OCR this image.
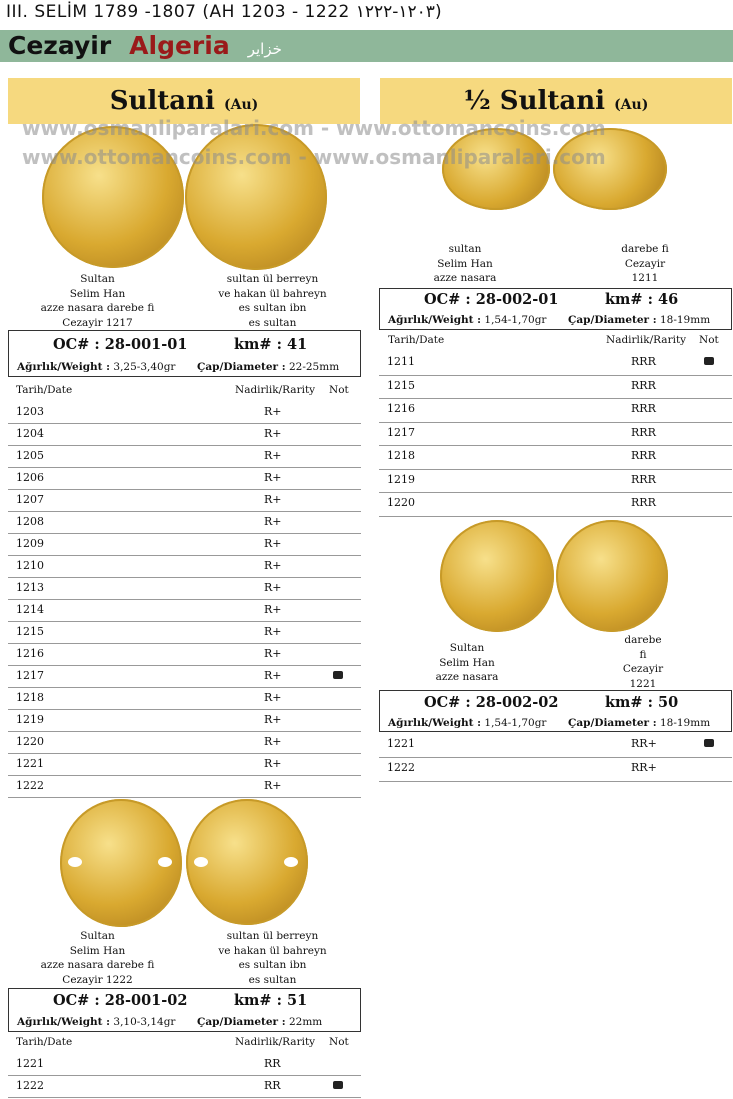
III. SELİM 1789 -1807 (AH 1203 - 1222 ١٢٠٣-١٢٢٢)
Cezayir Algeria خزاير
Sultani (Au)	½ Sultani (Au)
www.osmanliparalari.com - www.ottomancoins.com
www.ottomancoins.com - www.osmanliparalari.com
Sultan
Selim Han
azze nasara darebe fi
Cezayir 1217
sultan ül berreyn
ve hakan ül bahreyn
es sultan ibn
es sultan
sultan
Selim Han
azze nasara
darebe fi
Cezayir
1211
Sultan
Selim Han
azze nasara
darebe
fi
Cezayir
1221
Sultan
Selim Han
azze nasara darebe fi
Cezayir 1222
sultan ül berreyn
ve hakan ül bahreyn
es sultan ibn
es sultan
OC# : 28-001-01	km# : 41
Ağırlık/Weight : 3,25-3,40gr Çap/Diameter : 22-25mm
OC# : 28-002-01	km# : 46
Ağırlık/Weight : 1,54-1,70gr Çap/Diameter : 18-19mm
OC# : 28-002-02	km# : 50
Ağırlık/Weight : 1,54-1,70gr Çap/Diameter : 18-19mm
OC# : 28-001-02	km# : 51
Ağırlık/Weight : 3,10-3,14gr Çap/Diameter : 22mm
Tarih/Date	Nadirlik/Rarity Not
Tarih/Date	Nadirlik/Rarity Not
Tarih/Date	Nadirlik/Rarity Not
1203	R+
1204	R+
1205	R+
1206	R+
1207	R+
1208	R+
1209	R+
1210	R+
1213	R+
1214	R+
1215	R+
1216	R+
1217	R+
1218	R+
1219	R+
1220	R+
1221	R+
1222	R+
1211	RRR
1215	RRR
1216	RRR
1217	RRR
1218	RRR
1219	RRR
1220	RRR
1221	RR+
1222	RR+
1221	RR
1222	RR
